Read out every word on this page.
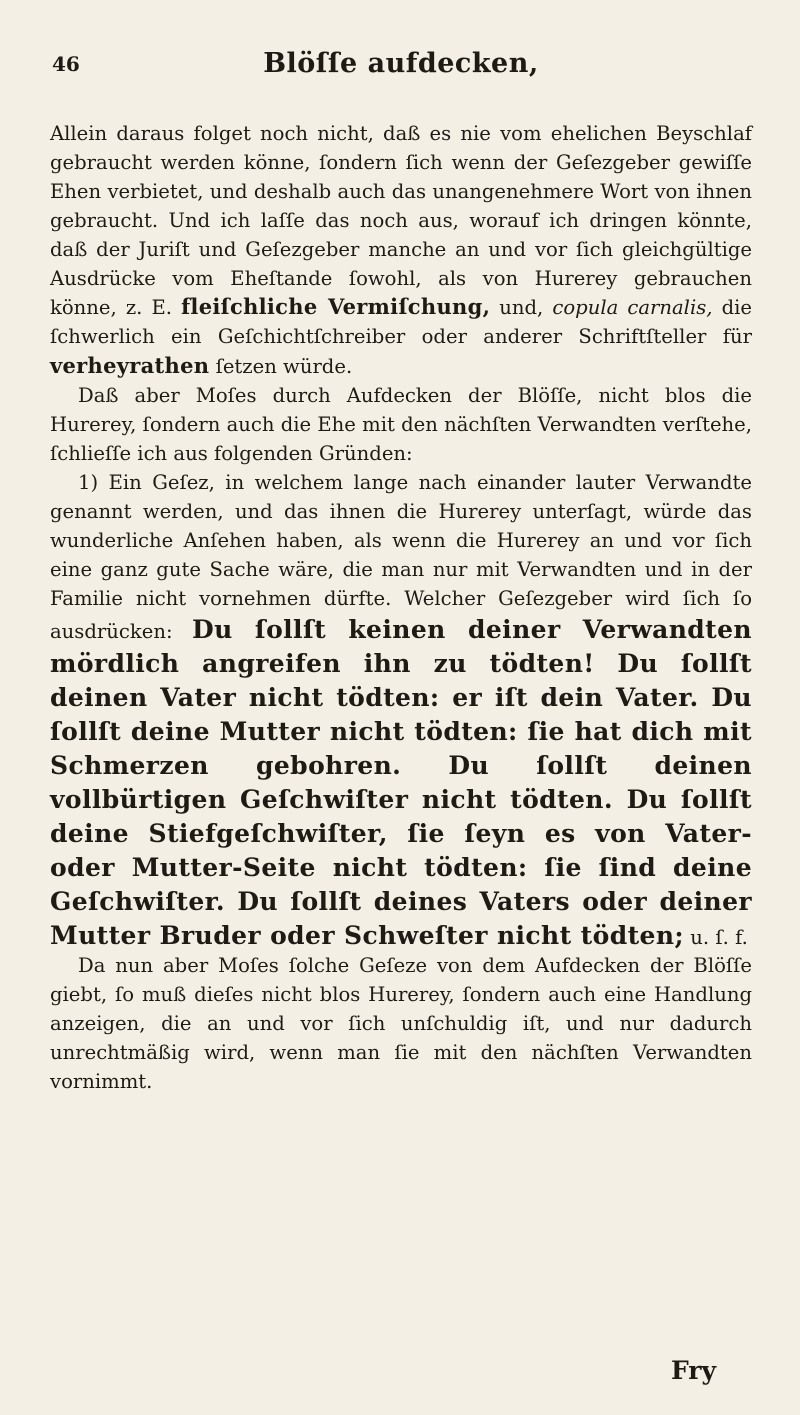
46	Blöſſe aufdecken,

Allein daraus folget noch nicht, daß es nie vom ehelichen Beyschlaf gebraucht werden könne, ſondern ſich wenn der Geſezgeber gewiſſe Ehen verbietet, und deshalb auch das unangenehmere Wort von ihnen gebraucht. Und ich laſſe das noch aus, worauf ich dringen könnte, daß der Juriſt und Geſezgeber manche an und vor ſich gleichgültige Ausdrücke vom Eheſtande ſowohl, als von Hurerey gebrauchen könne, z. E. fleiſchliche Vermiſchung, und, copula carnalis, die ſchwerlich ein Geſchichtſchreiber oder anderer Schriftſteller für verheyrathen ſetzen würde.

Daß aber Moſes durch Aufdecken der Blöſſe, nicht blos die Hurerey, ſondern auch die Ehe mit den nächſten Verwandten verſtehe, ſchlieſſe ich aus folgenden Gründen:

1) Ein Geſez, in welchem lange nach einander lauter Verwandte genannt werden, und das ihnen die Hurerey unterſagt, würde das wunderliche Anſehen haben, als wenn die Hurerey an und vor ſich eine ganz gute Sache wäre, die man nur mit Verwandten und in der Familie nicht vornehmen dürfte. Welcher Geſezgeber wird ſich ſo ausdrücken: Du ſollſt keinen deiner Verwandten mördlich angreifen ihn zu tödten! Du ſollſt deinen Vater nicht tödten: er iſt dein Vater. Du ſollſt deine Mutter nicht tödten: ſie hat dich mit Schmerzen gebohren. Du ſollſt deinen vollbürtigen Geſchwiſter nicht tödten. Du ſollſt deine Stiefgeſchwiſter, ſie ſeyn es von Vater- oder Mutter-Seite nicht tödten: ſie ſind deine Geſchwiſter. Du ſollſt deines Vaters oder deiner Mutter Bruder oder Schweſter nicht tödten; u. ſ. f.

Da nun aber Moſes ſolche Geſeze von dem Aufdecken der Blöſſe giebt, ſo muß dieſes nicht blos Hurerey, ſondern auch eine Handlung anzeigen, die an und vor ſich unſchuldig iſt, und nur dadurch unrechtmäßig wird, wenn man ſie mit den nächſten Verwandten vornimmt.

Fry
